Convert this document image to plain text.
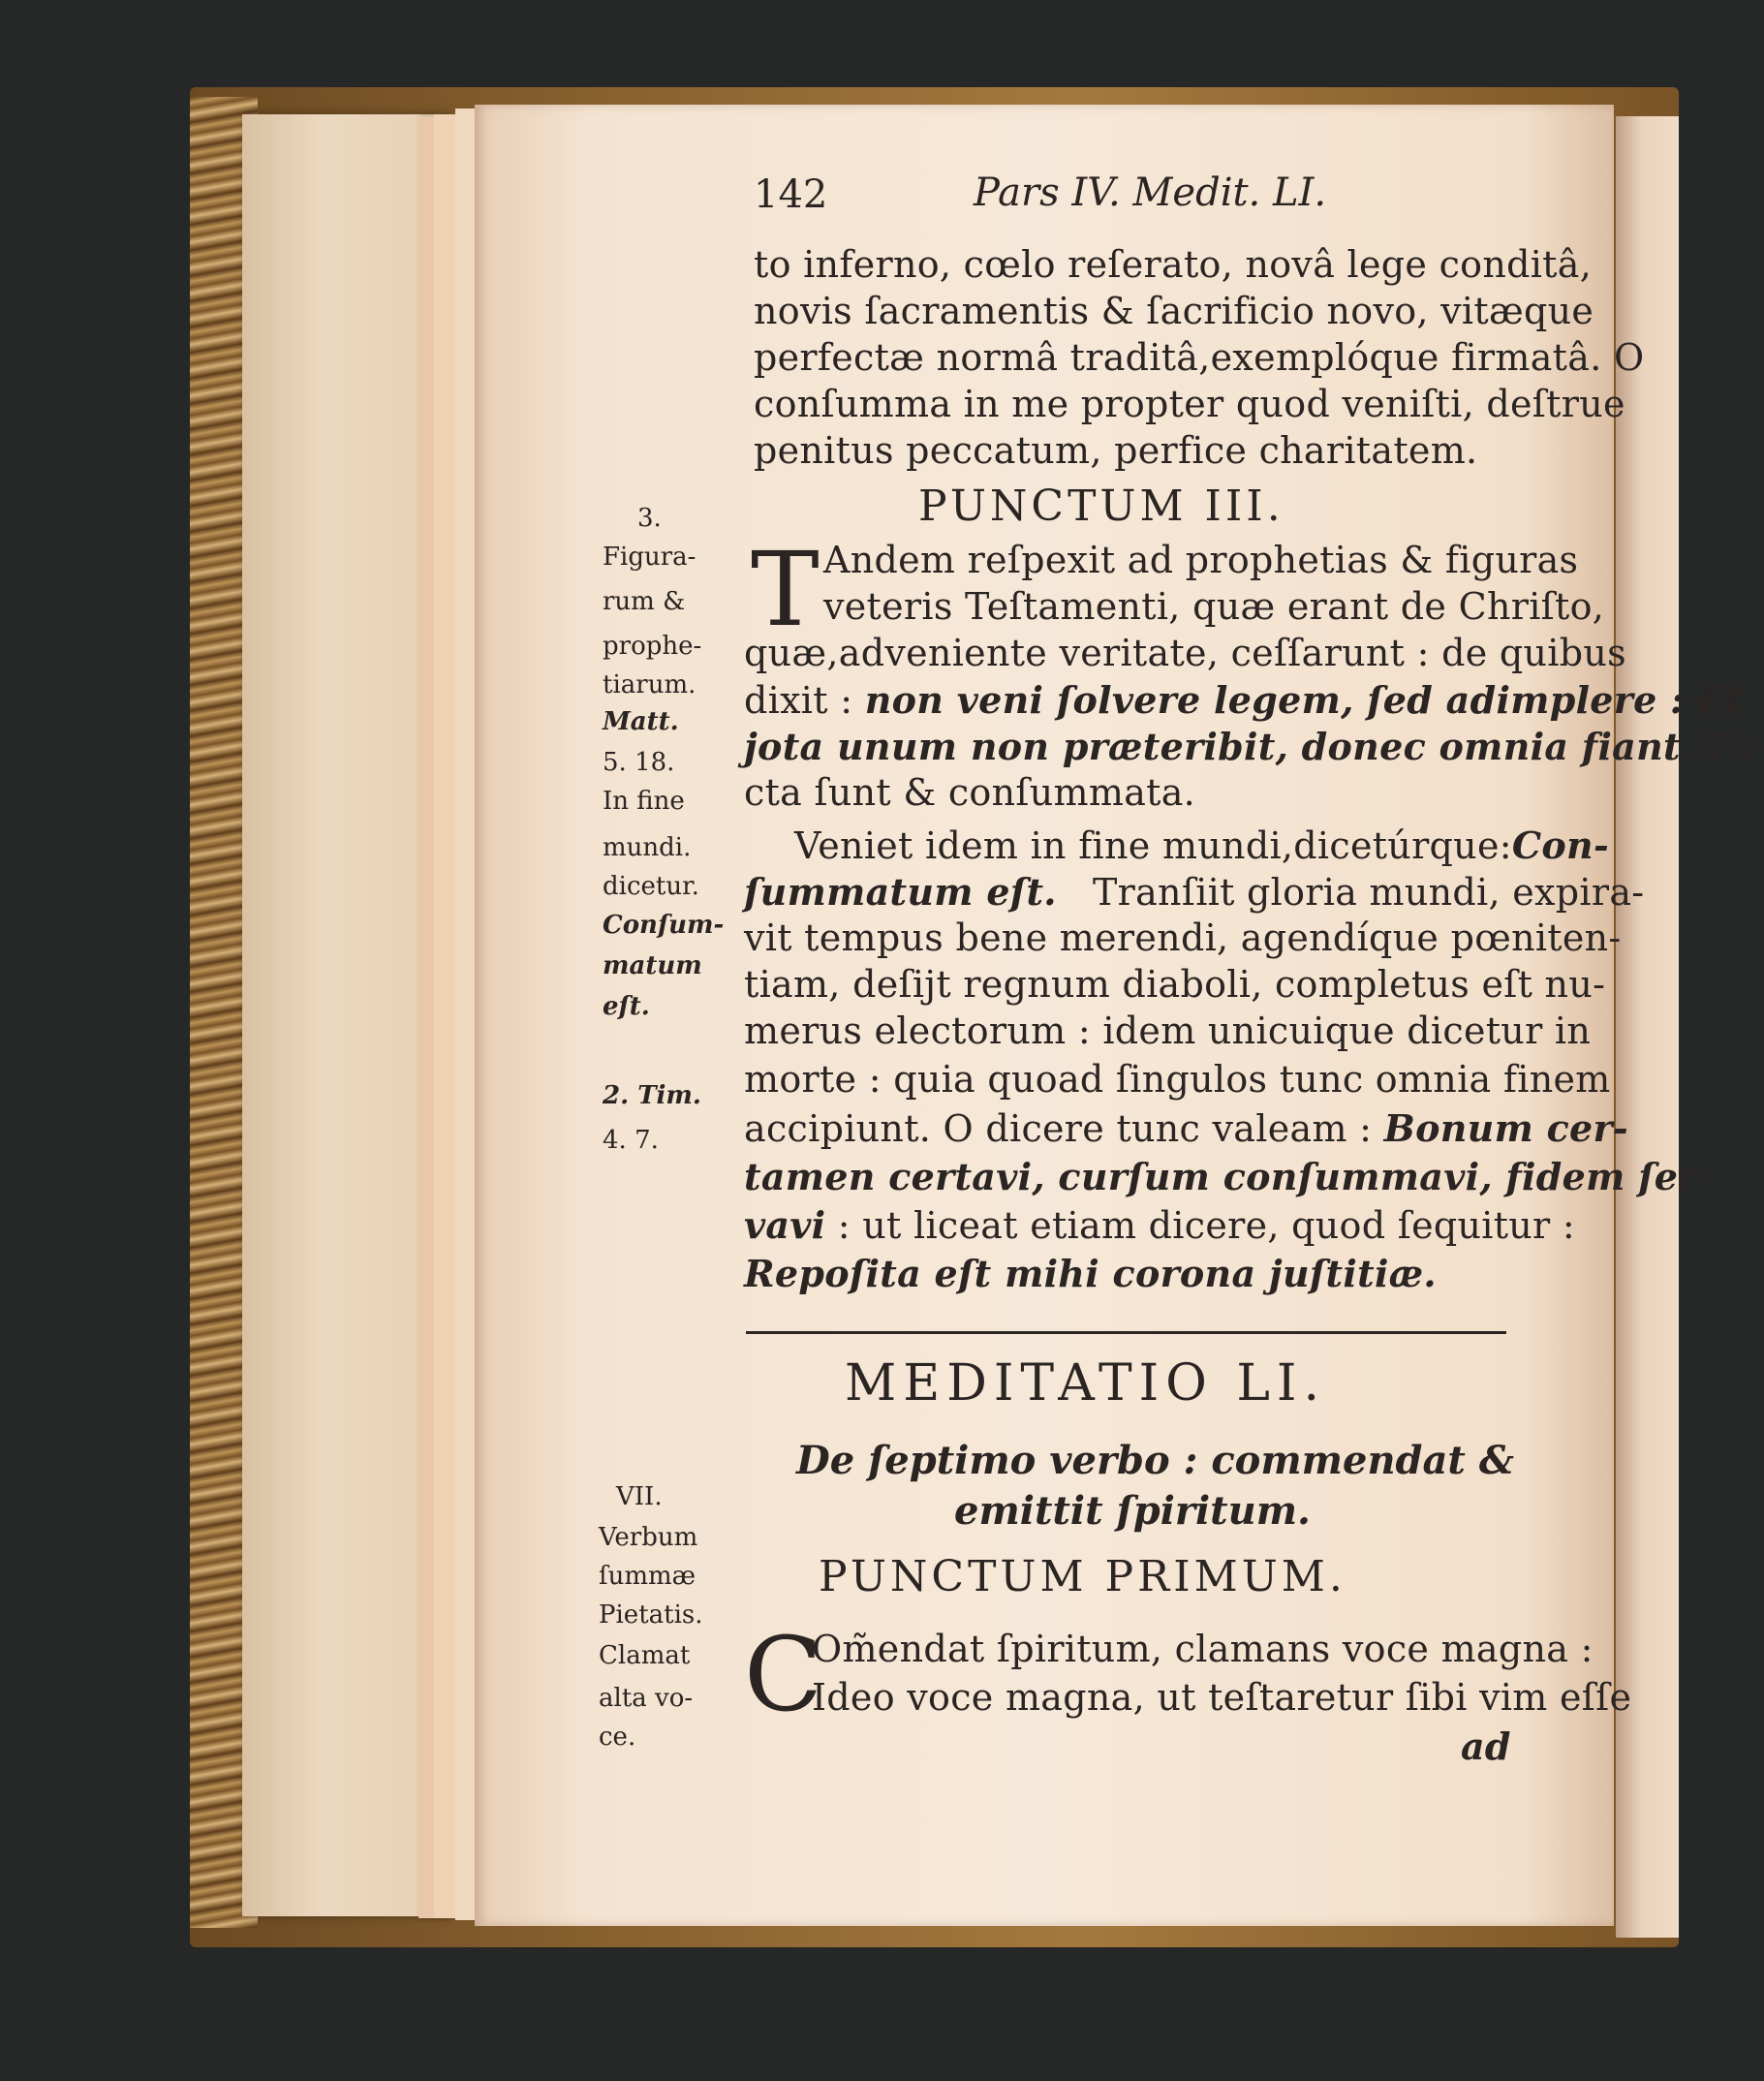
142	Pars IV. Medit. LI.
to inferno, cœlo reſerato, novâ lege conditâ,
novis ſacramentis & ſacrificio novo, vitæque
perfectæ normâ traditâ,exemplóque firmatâ. O
conſumma in me propter quod veniſti, deſtrue
penitus peccatum, perfice charitatem.
PUNCTUM III.
T Andem reſpexit ad prophetias & figuras
veteris Teſtamenti, quæ erant de Chriſto,
quæ,adveniente veritate, ceſſarunt : de quibus
dixit : non veni ſolvere legem, ſed adimplere : Et
jota unum non præteribit, donec omnia fiant. Fa-
cta ſunt & conſummata.
Veniet idem in fine mundi,dicetúrque:Con-
ſummatum eſt. Tranſiit gloria mundi, expira-
vit tempus bene merendi, agendíque pœniten-
tiam, deſijt regnum diaboli, completus eſt nu-
merus electorum : idem unicuique dicetur in
morte : quia quoad ſingulos tunc omnia finem
accipiunt. O dicere tunc valeam : Bonum cer-
tamen certavi, curſum conſummavi, fidem ſer-
vavi : ut liceat etiam dicere, quod ſequitur :
Repoſita eſt mihi corona juſtitiæ.
3.
Figura-
rum &
prophe-
tiarum.
Matt.
5. 18.
In fine
mundi.
dicetur.
Conſum-
matum
eſt.
2. Tim.
4. 7.
MEDITATIO LI.
De ſeptimo verbo : commendat &
emittit ſpiritum.
PUNCTUM PRIMUM.
C
Om̃endat ſpiritum, clamans voce magna :
Ideo voce magna, ut teſtaretur ſibi vim eſſe
ad
VII.
Verbum
ſummæ
Pietatis.
Clamat
alta vo-
ce.
